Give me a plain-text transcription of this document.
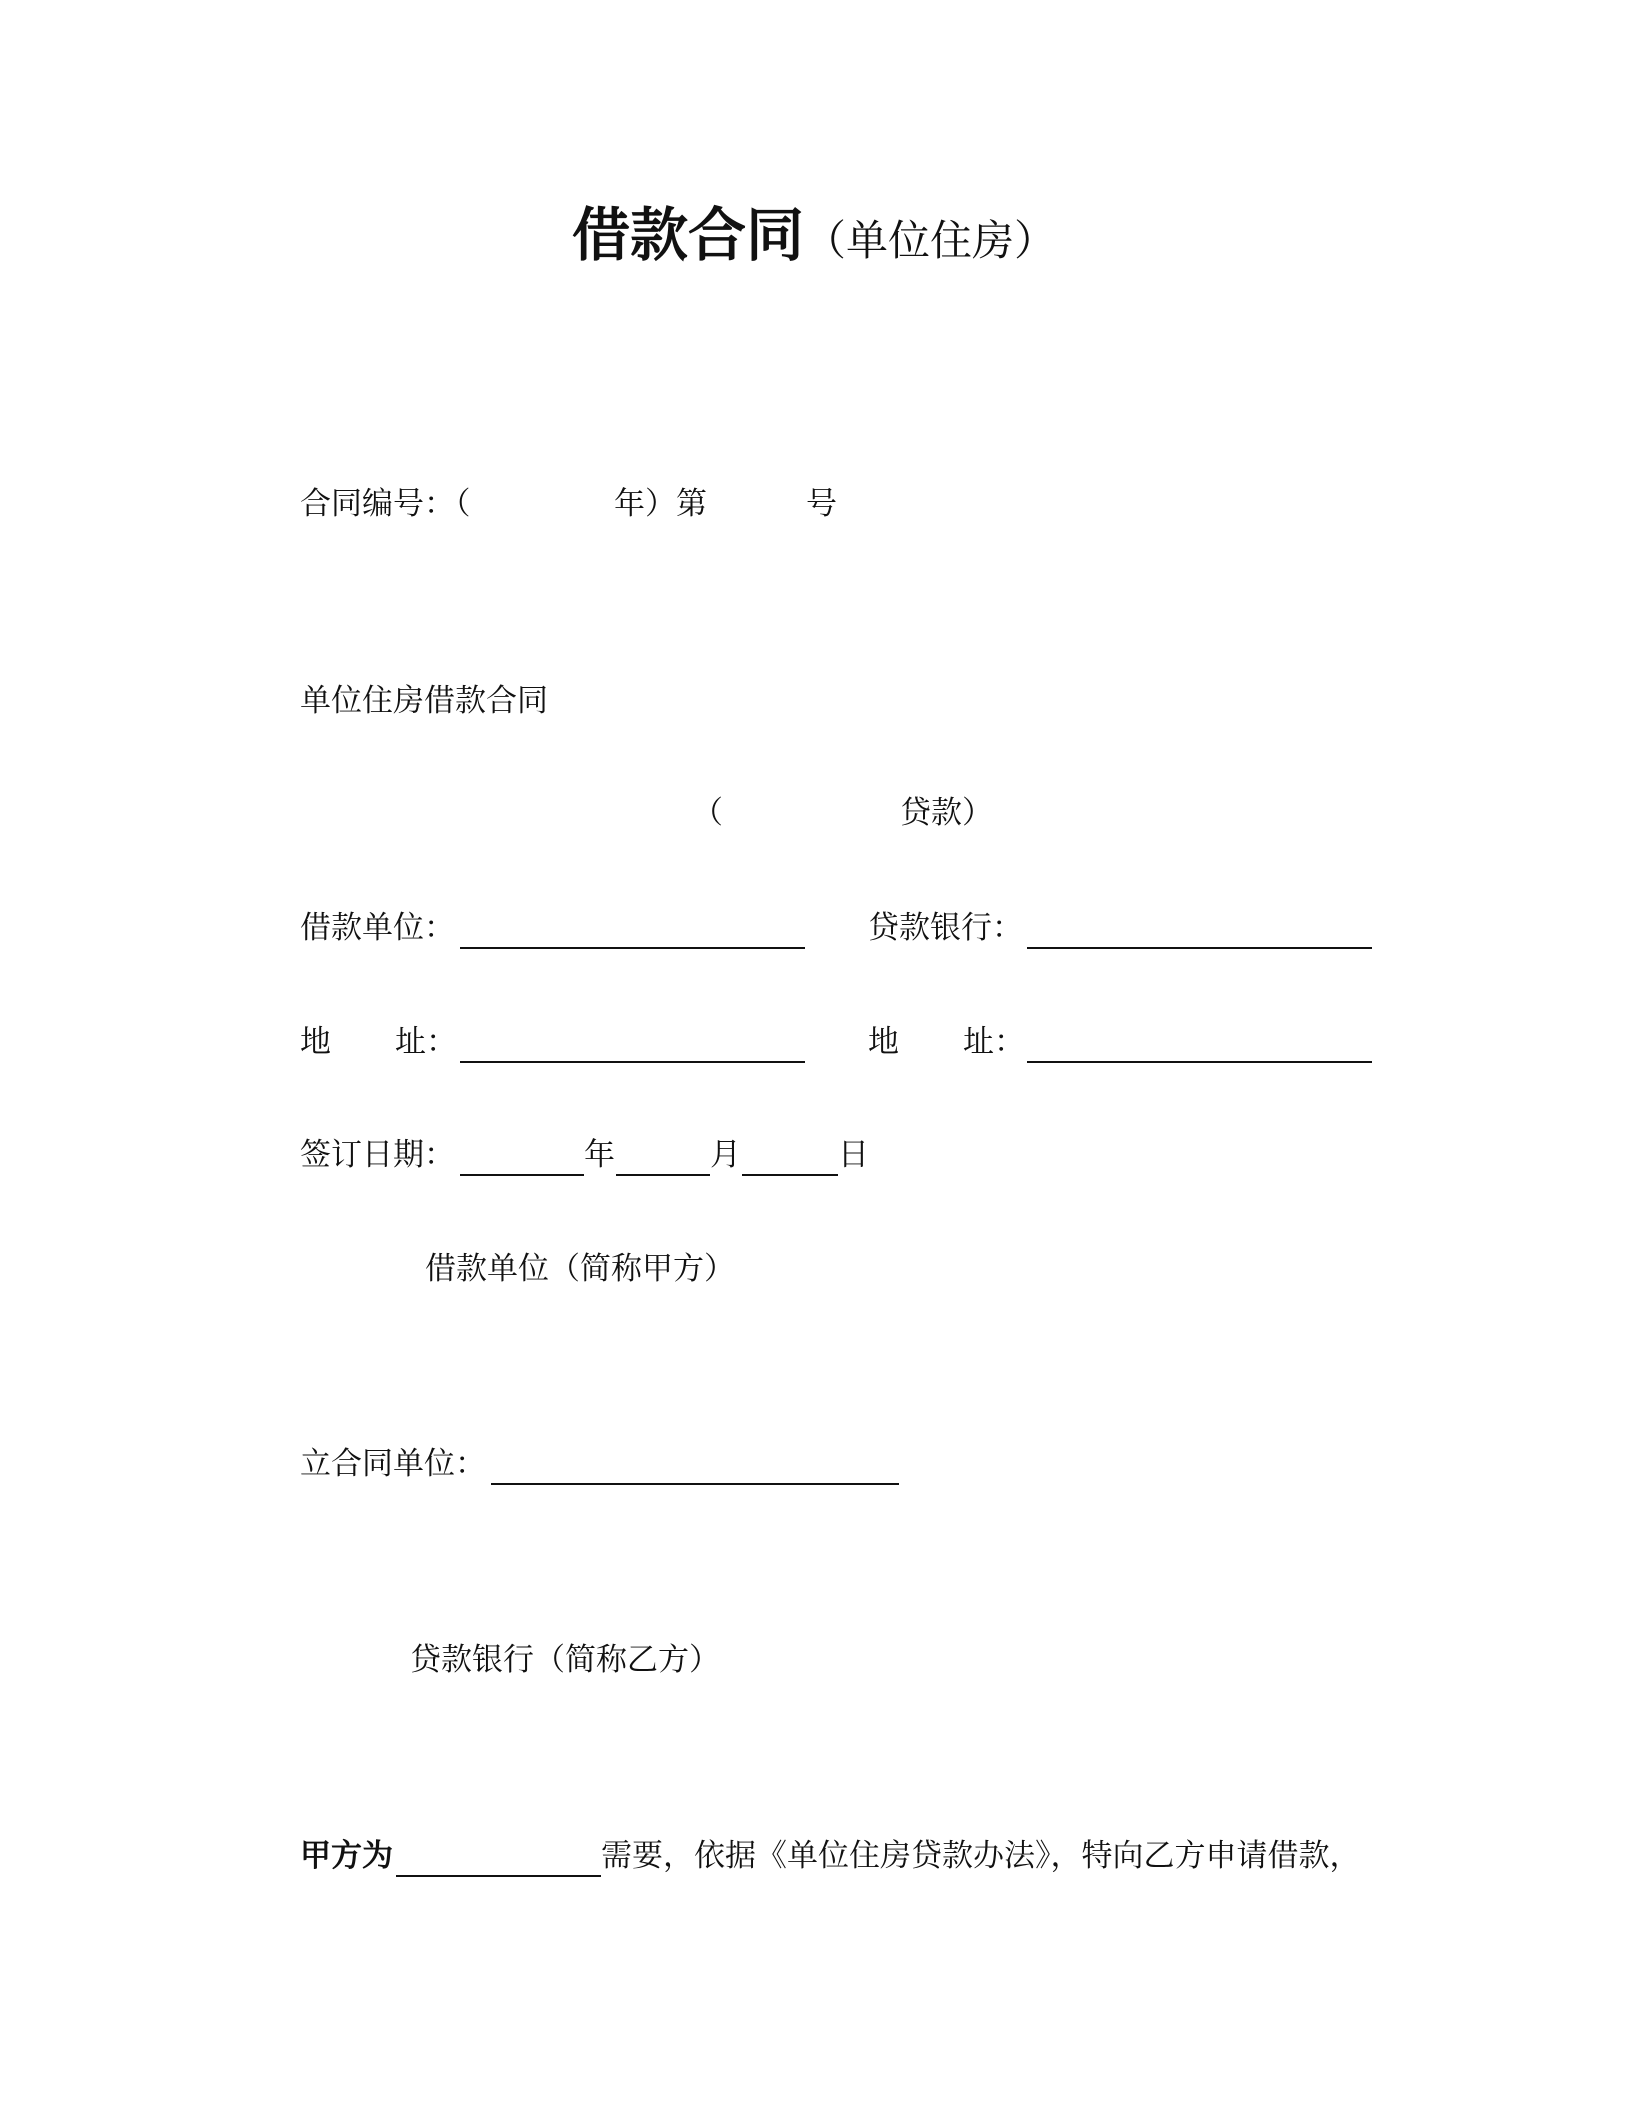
借款合同（单位住房）
合同编号：（	年）第	号
单位住房借款合同
（	贷款）
借款单位：	贷款银行：
地 址：	地 址：
签订日期：	年	月	日
借款单位（简称甲方）
立合同单位：
贷款银行（简称乙方）
甲方为	需要，依据《单位住房贷款办法》，特向乙方申请借款，
